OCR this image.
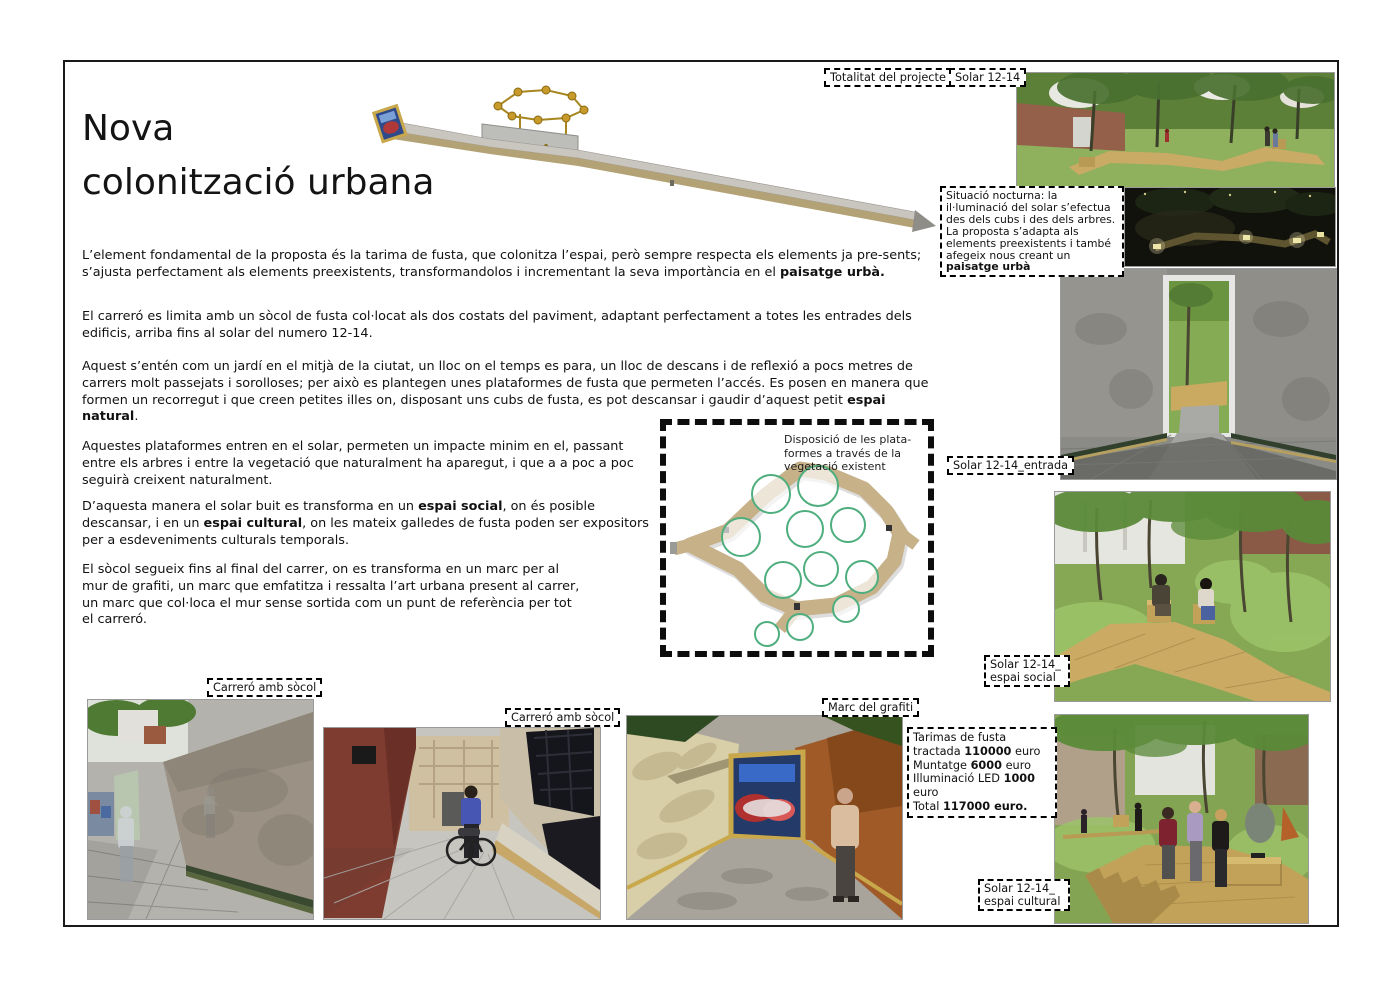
Nova
colonització urbana

L’element fondamental de la proposta és la tarima de fusta, que colonitza l’espai, però sempre respecta els elements ja pre-sents; s’ajusta perfectament als elements preexistents, transformandolos i incrementant la seva importància en el paisatge urbà.

El carreró es limita amb un sòcol de fusta col·locat als dos costats del paviment, adaptant perfectament a totes les entrades dels edificis, arriba fins al solar del numero 12-14.

Aquest s’entén com un jardí en el mitjà de la ciutat, un lloc on el temps es para, un lloc de descans i de reflexió a pocs metres de carrers molt passejats i sorolloses; per això es plantegen unes plataformes de fusta que permeten l’accés. Es posen en manera que formen un recorregut i que creen petites illes on, disposant uns cubs de fusta, es pot descansar i gaudir d’aquest petit espai natural.

Aquestes plataformes entren en el solar, permeten un impacte minim en el, passant entre els arbres i entre la vegetació que naturalment ha aparegut, i que a a poc a poc seguirà creixent naturalment.

D’aquesta manera el solar buit es transforma en un espai social, on és posible descansar, i en un espai cultural, on les mateix galledes de fusta poden ser expositors per a esdeveniments culturals temporals.

El sòcol segueix fins al final del carrer, on es transforma en un marc per al mur de grafiti, un marc que emfatitza i ressalta l’art urbana present al carrer, un marc que col·loca el mur sense sortida com un punt de referència per tot el carreró.

Disposició de les plata-formes a través de la vegetació existent
Totalitat del projecte Solar 12-14
Situació nocturna: la il·luminació del solar s’efectua des dels cubs i des dels arbres. La proposta s’adapta als elements preexistents i també afegeix nous creant un paisatge urbà
Solar 12-14_entrada
Solar 12-14_
espai social
Tarimas de fusta tractada 110000 euro
Muntatge 6000 euro
Illuminació LED 1000 euro
Total 117000 euro.
Solar 12-14_
espai cultural
Carreró amb sòcol
Carreró amb sòcol
Marc del grafiti
